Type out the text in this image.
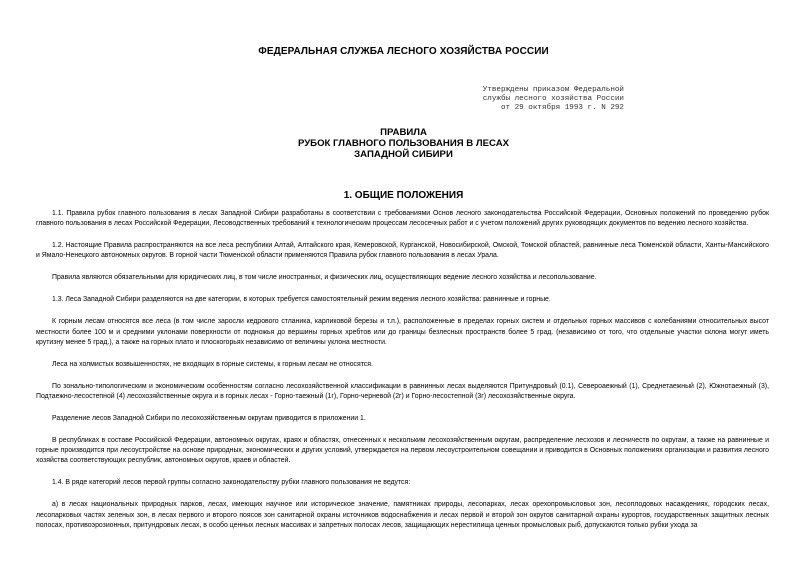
ФЕДЕРАЛЬНАЯ СЛУЖБА ЛЕСНОГО ХОЗЯЙСТВА РОССИИ
Утверждены приказом Федеральной
службы лесного хозяйства России
от 29 октября 1993 г. N 292
ПРАВИЛА
РУБОК ГЛАВНОГО ПОЛЬЗОВАНИЯ В ЛЕСАХ
ЗАПАДНОЙ СИБИРИ
1. ОБЩИЕ ПОЛОЖЕНИЯ

1.1. Правила рубок главного пользования в лесах Западной Сибири разработаны в соответствии с требованиями Основ лесного законодательства Российской Федерации, Основных положений по проведению рубок главного пользования в лесах Российской Федерации, Лесоводственных требований к технологическим процессам лесосечных работ и с учетом положений других руководящих документов по ведению лесного хозяйства.

1.2. Настоящие Правила распространяются на все леса республики Алтай, Алтайского края, Кемеровской, Курганской, Новосибирской, Омской, Томской областей, равнинные леса Тюменской области, Ханты-Мансийского и Ямало-Ненецкого автономных округов. В горной части Тюменской области применяются Правила рубок главного пользования в лесах Урала.

Правила являются обязательными для юридических лиц, в том числе иностранных, и физических лиц, осуществляющих ведение лесного хозяйства и лесопользование.

1.3. Леса Западной Сибири разделяются на две категории, в которых требуется самостоятельный режим ведения лесного хозяйства: равнинные и горные.

К горным лесам относятся все леса (в том числе заросли кедрового стланика, карликовой березы и т.п.), расположенные в пределах горных систем и отдельных горных массивов с колебаниями относительных высот местности более 100 м и средними уклонами поверхности от подножья до вершины горных хребтов или до границы безлесных пространств более 5 град. (независимо от того, что отдельные участки склона могут иметь крутизну менее 5 град.), а также на горных плато и плоскогорьях независимо от величины уклона местности.

Леса на холмистых возвышенностях, не входящих в горные системы, к горным лесам не относятся.

По зонально-типологическим и экономическим особенностям согласно лесохозяйственной классификации в равнинных лесах выделяются Притундровый (0.1), Североаежный (1), Среднетаежный (2), Южнотаежный (3), Подтаежно-лесостепной (4) лесохозяйственные округа и в горных лесах - Горно-таежный (1г), Горно-черневой (2г) и Горно-лесостепной (3г) лесохозяйственные округа.

Разделение лесов Западной Сибири по лесохозяйственным округам приводится в приложении 1.

В республиках в составе Российской Федерации, автономных округах, краях и областях, отнесенных к нескольким лесохозяйственным округам, распределение лесхозов и лесничеств по округам, а также на равнинные и горные производится при лесоустройстве на основе природных, экономических и других условий, утверждается на первом лесоустроительном совещании и приводится в Основных положениях организации и развития лесного хозяйства соответствующих республик, автономных округов, краев и областей.

1.4. В ряде категорий лесов первой группы согласно законодательству рубки главного пользования не ведутся:

а) в лесах национальных природных парков, лесах, имеющих научное или историческое значение, памятниках природы, лесопарках, лесах орехопромысловых зон, лесоплодовых насаждениях, городских лесах, лесопарковых частях зеленых зон, в лесах первого и второго поясов зон санитарной охраны источников водоснабжения и лесах первой и второй зон округов санитарной охраны курортов, государственных защитных лесных полосах, противоэрозионных, притундровых лесах, в особо ценных лесных массивах и запретных полосах лесов, защищающих нерестилища ценных промысловых рыб, допускаются только рубки ухода за
